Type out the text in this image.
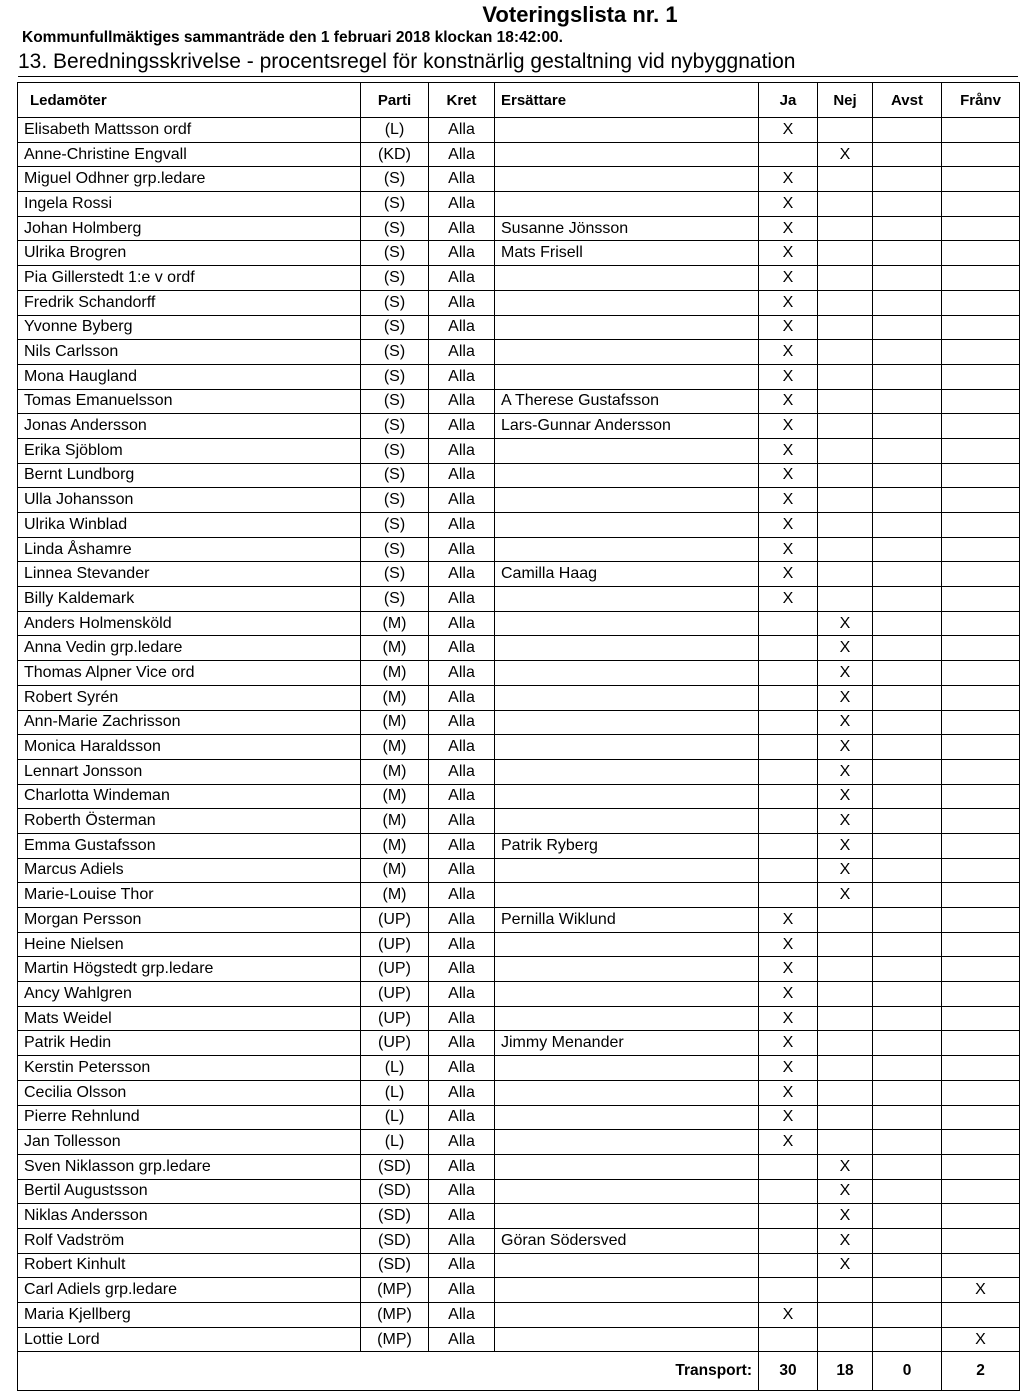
Voteringslista nr. 1
Kommunfullmäktiges sammanträde den 1 februari 2018 klockan 18:42:00.
13. Beredningsskrivelse - procentsregel för konstnärlig gestaltning vid nybyggnation
Ledamöter	Parti	Kret	Ersättare	Ja	Nej	Avst	Frånv
Elisabeth Mattsson ordf	(L)	Alla		X			
Anne-Christine Engvall	(KD)	Alla			X		
Miguel Odhner grp.ledare	(S)	Alla		X			
Ingela Rossi	(S)	Alla		X			
Johan Holmberg	(S)	Alla	Susanne Jönsson	X			
Ulrika Brogren	(S)	Alla	Mats Frisell	X			
Pia Gillerstedt 1:e v ordf	(S)	Alla		X			
Fredrik Schandorff	(S)	Alla		X			
Yvonne Byberg	(S)	Alla		X			
Nils Carlsson	(S)	Alla		X			
Mona Haugland	(S)	Alla		X			
Tomas Emanuelsson	(S)	Alla	A Therese Gustafsson	X			
Jonas Andersson	(S)	Alla	Lars-Gunnar Andersson	X			
Erika Sjöblom	(S)	Alla		X			
Bernt Lundborg	(S)	Alla		X			
Ulla Johansson	(S)	Alla		X			
Ulrika Winblad	(S)	Alla		X			
Linda Åshamre	(S)	Alla		X			
Linnea Stevander	(S)	Alla	Camilla Haag	X			
Billy Kaldemark	(S)	Alla		X			
Anders Holmensköld	(M)	Alla			X		
Anna Vedin grp.ledare	(M)	Alla			X		
Thomas Alpner Vice ord	(M)	Alla			X		
Robert Syrén	(M)	Alla			X		
Ann-Marie Zachrisson	(M)	Alla			X		
Monica Haraldsson	(M)	Alla			X		
Lennart Jonsson	(M)	Alla			X		
Charlotta Windeman	(M)	Alla			X		
Roberth Österman	(M)	Alla			X		
Emma Gustafsson	(M)	Alla	Patrik Ryberg		X		
Marcus Adiels	(M)	Alla			X		
Marie-Louise Thor	(M)	Alla			X		
Morgan Persson	(UP)	Alla	Pernilla Wiklund	X			
Heine Nielsen	(UP)	Alla		X			
Martin Högstedt grp.ledare	(UP)	Alla		X			
Ancy Wahlgren	(UP)	Alla		X			
Mats Weidel	(UP)	Alla		X			
Patrik Hedin	(UP)	Alla	Jimmy Menander	X			
Kerstin Petersson	(L)	Alla		X			
Cecilia Olsson	(L)	Alla		X			
Pierre Rehnlund	(L)	Alla		X			
Jan Tollesson	(L)	Alla		X			
Sven Niklasson grp.ledare	(SD)	Alla			X		
Bertil Augustsson	(SD)	Alla			X		
Niklas Andersson	(SD)	Alla			X		
Rolf Vadström	(SD)	Alla	Göran Södersved		X		
Robert Kinhult	(SD)	Alla			X		
Carl Adiels grp.ledare	(MP)	Alla					X
Maria Kjellberg	(MP)	Alla		X			
Lottie Lord	(MP)	Alla					X
Transport:				30	18	0	2
